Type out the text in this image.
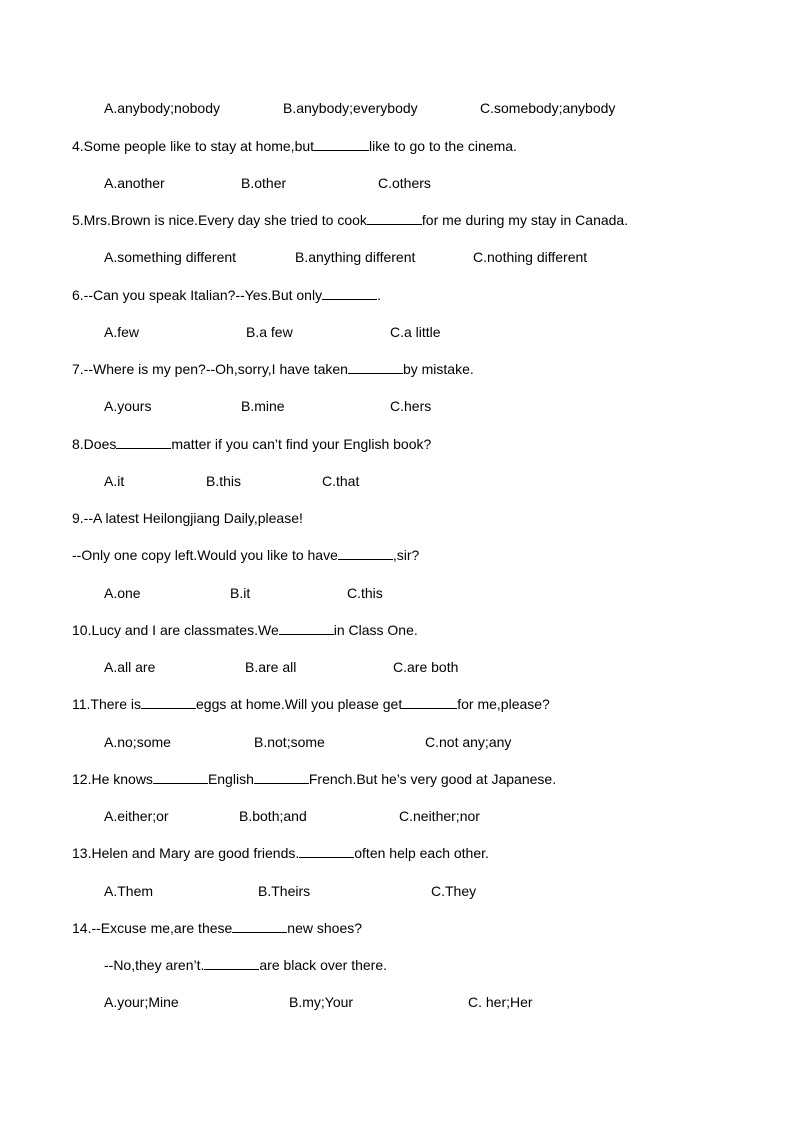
A.anybody;nobody	B.anybody;everybody	C.somebody;anybody
4.Some people like to stay at home,but	like to go to the cinema.
A.another	B.other	C.others
5.Mrs.Brown is nice.Every day she tried to cook	for me during my stay in Canada.
A.something different	B.anything different	C.nothing different
6.--Can you speak Italian?--Yes.But only	.
A.few	B.a few	C.a little
7.--Where is my pen?--Oh,sorry,I have taken	by mistake.
A.yours	B.mine	C.hers
8.Does	matter if you can’t find your English book?
A.it	B.this	C.that
9.--A latest Heilongjiang Daily,please!
--Only one copy left.Would you like to have	,sir?
A.one	B.it	C.this
10.Lucy and I are classmates.We	in Class One.
A.all are	B.are all	C.are both
11.There is	eggs at home.Will you please get	for me,please?
A.no;some	B.not;some	C.not any;any
12.He knows	English	French.But he’s very good at Japanese.
A.either;or	B.both;and	C.neither;nor
13.Helen and Mary are good friends.	often help each other.
A.Them	B.Theirs	C.They
14.--Excuse me,are these	new shoes?
--No,they aren’t.	are black over there.
A.your;Mine	B.my;Your	C. her;Her
